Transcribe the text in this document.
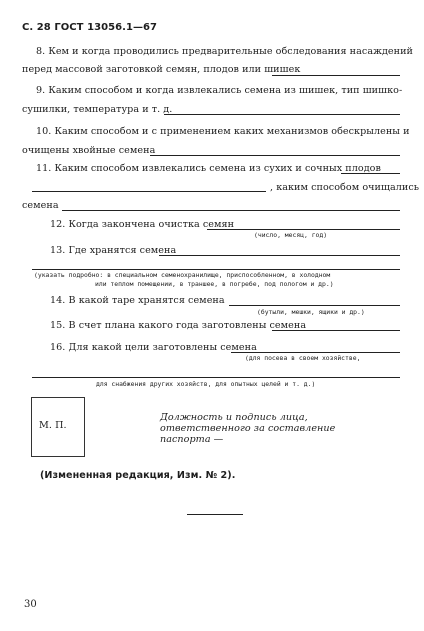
С. 28 ГОСТ 13056.1—67
8. Кем и когда проводились предварительные обследования насаждений
перед массовой заготовкой семян, плодов или шишек
9. Каким способом и когда извлекались семена из шишек, тип шишко-
сушилки, температура и т. д.
10. Каким способом и с применением каких механизмов обескрылены и
очищены хвойные семена
11. Каким способом извлекались семена из сухих и сочных плодов
, каким способом очищались
семена
12. Когда закончена очистка семян
(число, месяц, год)
13. Где хранятся семена
(указать подробно: в специальном семенохранилище, приспособленном, в холодном
или теплом помещении, в траншее, в погребе, под пологом и др.)
14. В какой таре хранятся семена
(бутыли, мешки, ящики и др.)
15. В счет плана какого года заготовлены семена
16. Для какой цели заготовлены семена
(для посева в своем хозяйстве,
для снабжения других хозяйств, для опытных целей и т. д.)
М. П.
Должность и подпись лица,
ответственного за составление
паспорта —
(Измененная редакция, Изм. № 2).
30
